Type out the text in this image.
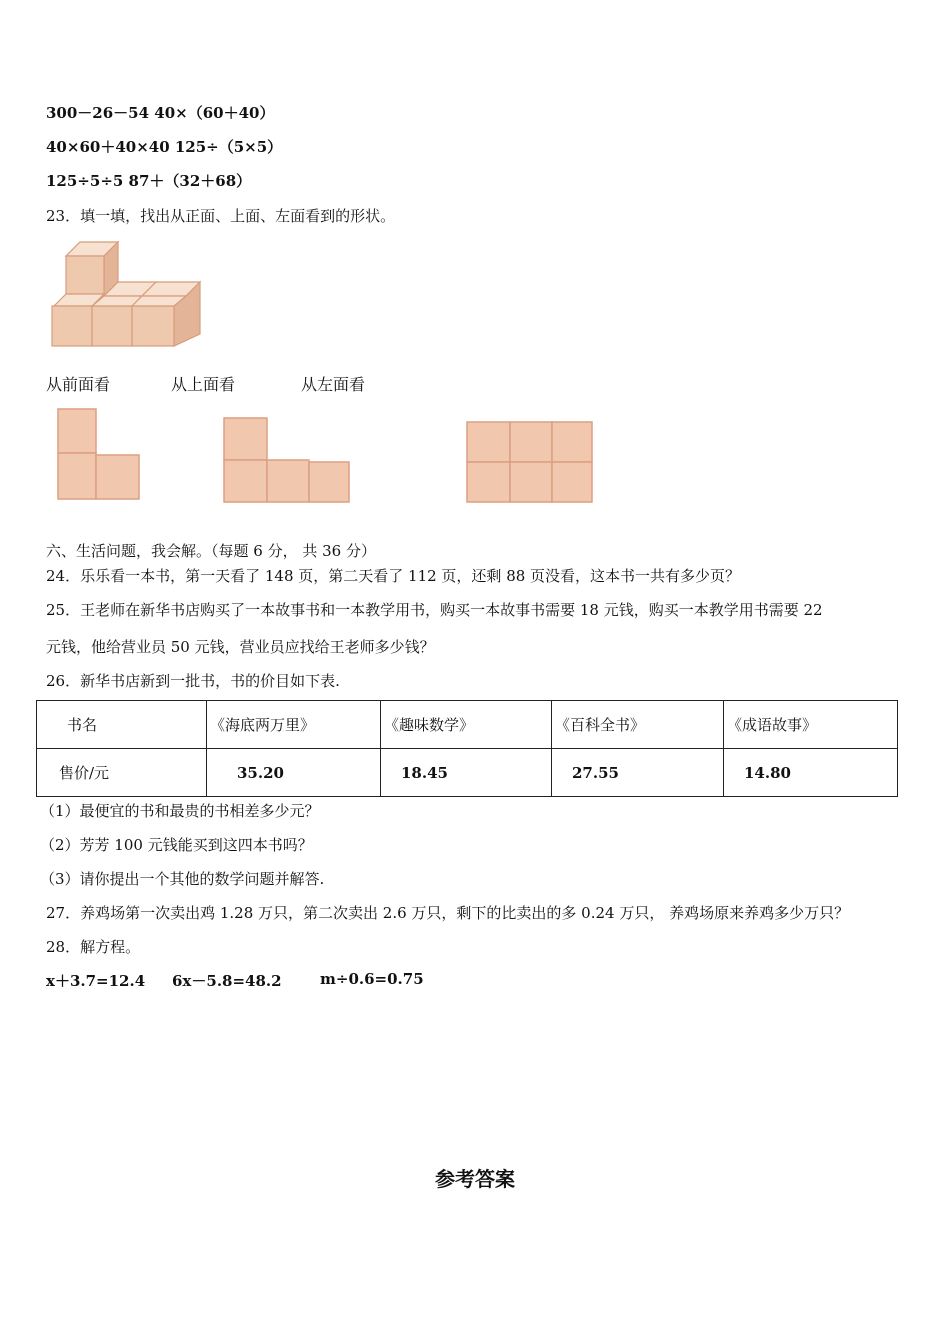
300－26－54 40×（60＋40）
40×60＋40×40 125÷（5×5）
125÷5÷5 87＋（32＋68）
23．填一填，找出从正面、上面、左面看到的形状。
从前面看	从上面看	从左面看
六、生活问题，我会解。（每题 6 分， 共 36 分）
24．乐乐看一本书，第一天看了 148 页，第二天看了 112 页，还剩 88 页没看，这本书一共有多少页？
25．王老师在新华书店购买了一本故事书和一本教学用书，购买一本故事书需要 18 元钱，购买一本教学用书需要 22
元钱，他给营业员 50 元钱，营业员应找给王老师多少钱？
26．新华书店新到一批书，书的价目如下表.
书名	《海底两万里》	《趣味数学》	《百科全书》	《成语故事》
售价/元	35.20	18.45	27.55	14.80
（1）最便宜的书和最贵的书相差多少元？
（2）芳芳 100 元钱能买到这四本书吗？
（3）请你提出一个其他的数学问题并解答.
27．养鸡场第一次卖出鸡 1.28 万只，第二次卖出 2.6 万只，剩下的比卖出的多 0.24 万只， 养鸡场原来养鸡多少万只？
28．解方程。
x＋3.7=12.4 6x－5.8=48.2	m÷0.6=0.75
参考答案
